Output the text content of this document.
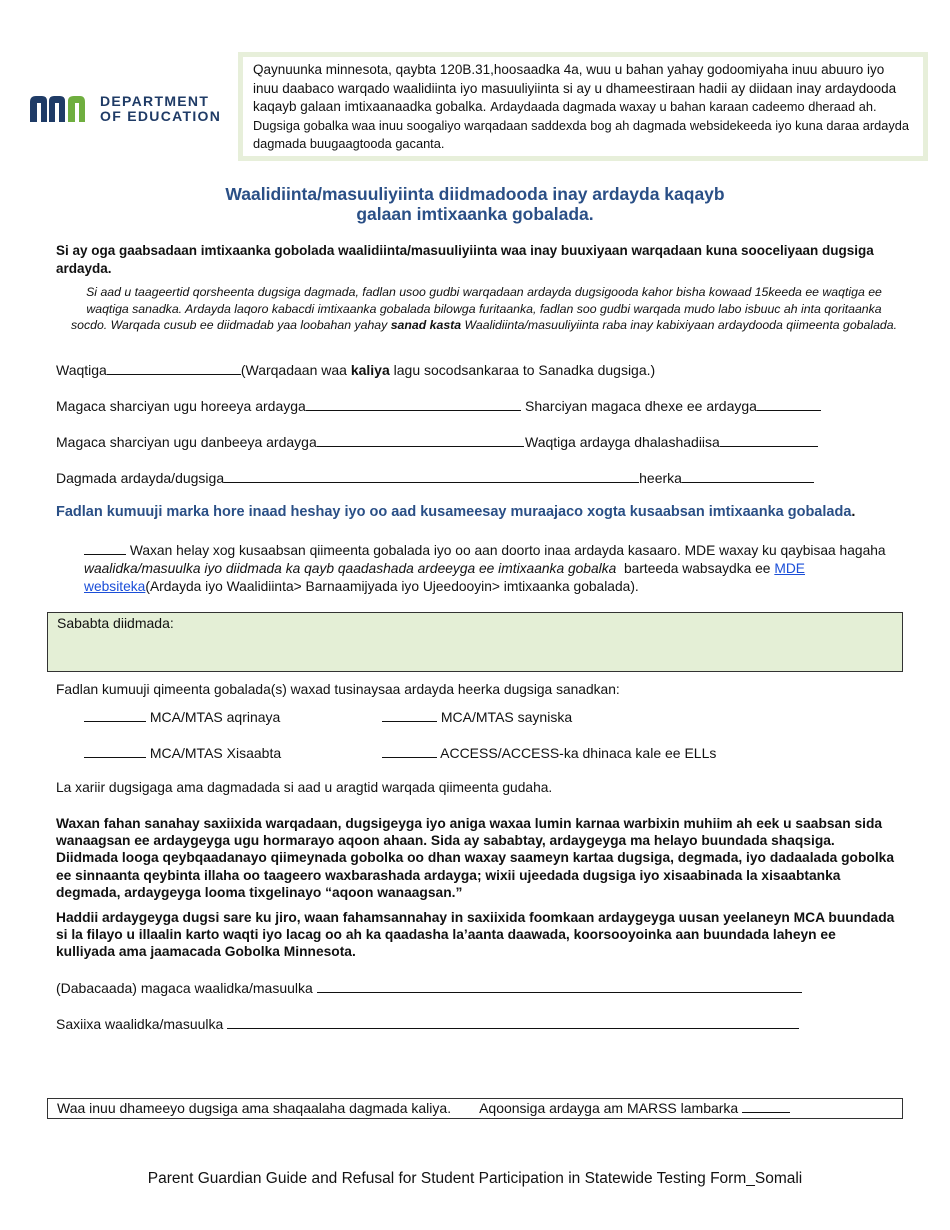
DEPARTMENT
OF EDUCATION
Qaynuunka minnesota, qaybta 120B.31,hoosaadka 4a, wuu u bahan yahay godoomiyaha inuu abuuro iyo inuu daabaco warqado waalidiinta iyo masuuliyiinta si ay u dhameestiraan hadii ay diidaan inay ardaydooda kaqayb galaan imtixaanaadka gobalka. Ardaydaada dagmada waxay u bahan karaan cadeemo dheraad ah. Dugsiga gobalka waa inuu soogaliyo warqadaan saddexda bog ah dagmada websidekeeda iyo kuna daraa ardayda dagmada buugaagtooda gacanta.
Waalidiinta/masuuliyiinta diidmadooda inay ardayda kaqayb
galaan imtixaanka gobalada.
Si ay oga gaabsadaan imtixaanka gobolada waalidiinta/masuuliyiinta waa inay buuxiyaan warqadaan kuna sooceliyaan dugsiga ardayda.
Si aad u taageertid qorsheenta dugsiga dagmada, fadlan usoo gudbi warqadaan ardayda dugsigooda kahor bisha kowaad 15keeda ee waqtiga ee waqtiga sanadka. Ardayda laqoro kabacdi imtixaanka gobalada bilowga furitaanka, fadlan soo gudbi warqada mudo labo isbuuc ah inta qoritaanka socdo. Warqada cusub ee diidmadab yaa loobahan yahay sanad kasta Waalidiinta/masuuliyiinta raba inay kabixiyaan ardaydooda qiimeenta gobalada.
Waqtiga	(Warqadaan waa kaliya lagu socodsankaraa to Sanadka dugsiga.)
Magaca sharciyan ugu horeeya ardayga	Sharciyan magaca dhexe ee ardayga
Magaca sharciyan ugu danbeeya ardayga	Waqtiga ardayga dhalashadiisa
Dagmada ardayda/dugsiga	heerka
Fadlan kumuuji marka hore inaad heshay iyo oo aad kusameesay muraajaco xogta kusaabsan imtixaanka gobalada.
Waxan helay xog kusaabsan qiimeenta gobalada iyo oo aan doorto inaa ardayda kasaaro. MDE waxay ku qaybisaa hagaha waalidka/masuulka iyo diidmada ka qayb qaadashada ardeeyga ee imtixaanka gobalka barteeda wabsaydka ee MDE websiteka(Ardayda iyo Waalidiinta> Barnaamijyada iyo Ujeedooyin> imtixaanka gobalada).
Sababta diidmada:
Fadlan kumuuji qimeenta gobalada(s) waxad tusinaysaa ardayda heerka dugsiga sanadkan:
MCA/MTAS aqrinaya	MCA/MTAS sayniska
MCA/MTAS Xisaabta	ACCESS/ACCESS-ka dhinaca kale ee ELLs
La xariir dugsigaga ama dagmadada si aad u aragtid warqada qiimeenta gudaha.
Waxan fahan sanahay saxiixida warqadaan, dugsigeyga iyo aniga waxaa lumin karnaa warbixin muhiim ah eek u saabsan sida wanaagsan ee ardaygeyga ugu hormarayo aqoon ahaan. Sida ay sababtay, ardaygeyga ma helayo buundada shaqsiga. Diidmada looga qeybqaadanayo qiimeynada gobolka oo dhan waxay saameyn kartaa dugsiga, degmada, iyo dadaalada gobolka ee sinnaanta qeybinta illaha oo taageero waxbarashada ardayga; wixii ujeedada dugsiga iyo xisaabinada la xisaabtanka degmada, ardaygeyga looma tixgelinayo “aqoon wanaagsan.”
Haddii ardaygeyga dugsi sare ku jiro, waan fahamsannahay in saxiixida foomkaan ardaygeyga uusan yeelaneyn MCA buundada si la filayo u illaalin karto waqti iyo lacag oo ah ka qaadasha la’aanta daawada, koorsooyoinka aan buundada laheyn ee kulliyada ama jaamacada Gobolka Minnesota.
(Dabacaada) magaca waalidka/masuulka
Saxiixa waalidka/masuulka
Waa inuu dhameeyo dugsiga ama shaqaalaha dagmada kaliya. Aqoonsiga ardayga am MARSS lambarka
Parent Guardian Guide and Refusal for Student Participation in Statewide Testing Form_Somali
